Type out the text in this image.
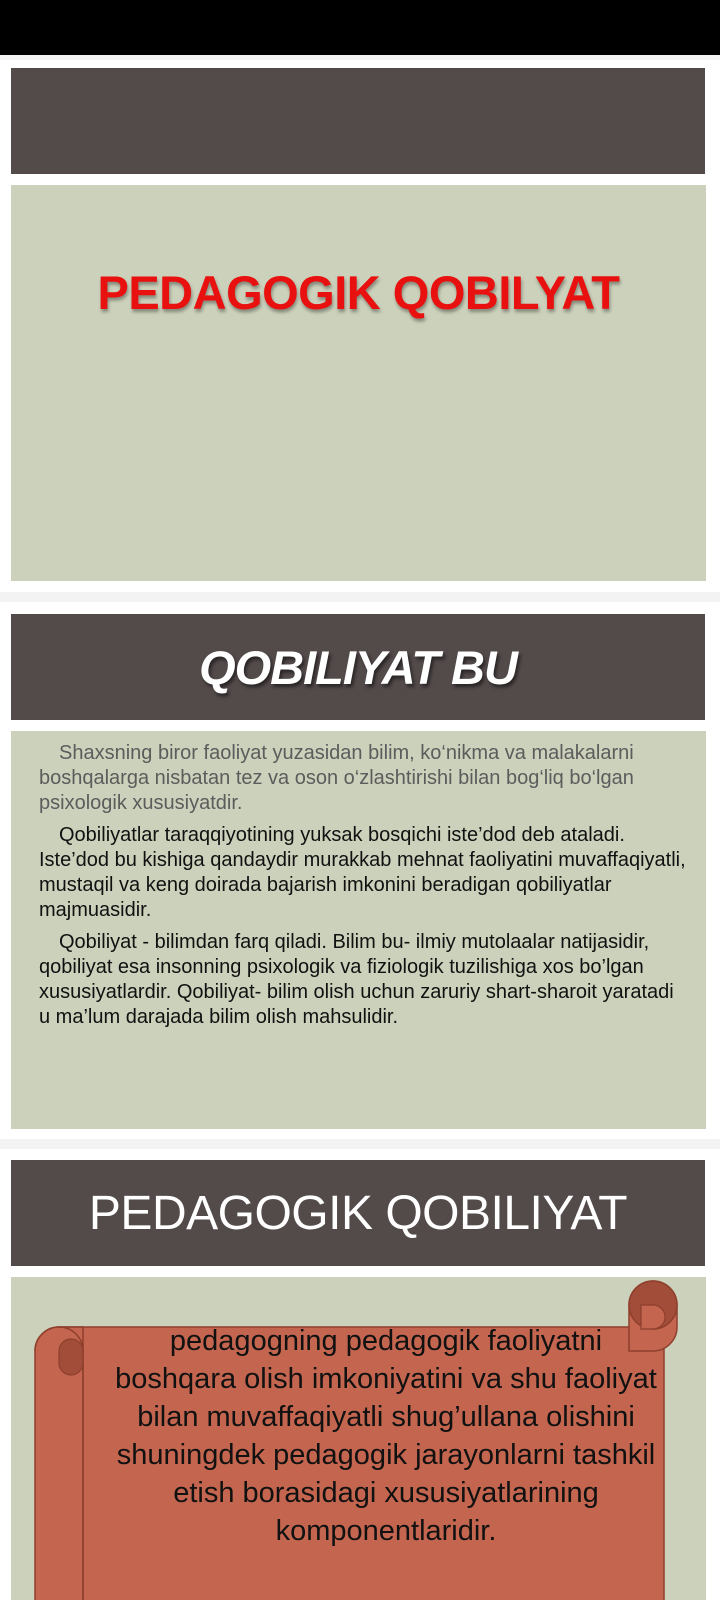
PEDAGOGIK QOBILYAT
QOBILIYAT BU

Shaxsning biror faoliyat yuzasidan bilim, ko‘nikma va malakalarni boshqalarga nisbatan tez va oson o‘zlashtirishi bilan bog‘liq bo‘lgan psixologik xususiyatdir.

Qobiliyatlar taraqqiyotining yuksak bosqichi iste’dod deb ataladi. Iste’dod bu kishiga qandaydir murakkab mehnat faoliyatini muvaffaqiyatli, mustaqil va keng doirada bajarish imkonini beradigan qobiliyatlar majmuasidir.

Qobiliyat - bilimdan farq qiladi. Bilim bu- ilmiy mutolaalar natijasidir, qobiliyat esa insonning psixologik va fiziologik tuzilishiga xos bo’lgan xususiyatlardir. Qobiliyat- bilim olish uchun zaruriy shart-sharoit yaratadi u ma’lum darajada bilim olish mahsulidir.

PEDAGOGIK QOBILIYAT
pedagogning pedagogik faoliyatni boshqara olish imkoniyatini va shu faoliyat bilan muvaffaqiyatli shug’ullana olishini shuningdek pedagogik jarayonlarni tashkil etish borasidagi xususiyatlarining komponentlaridir.
